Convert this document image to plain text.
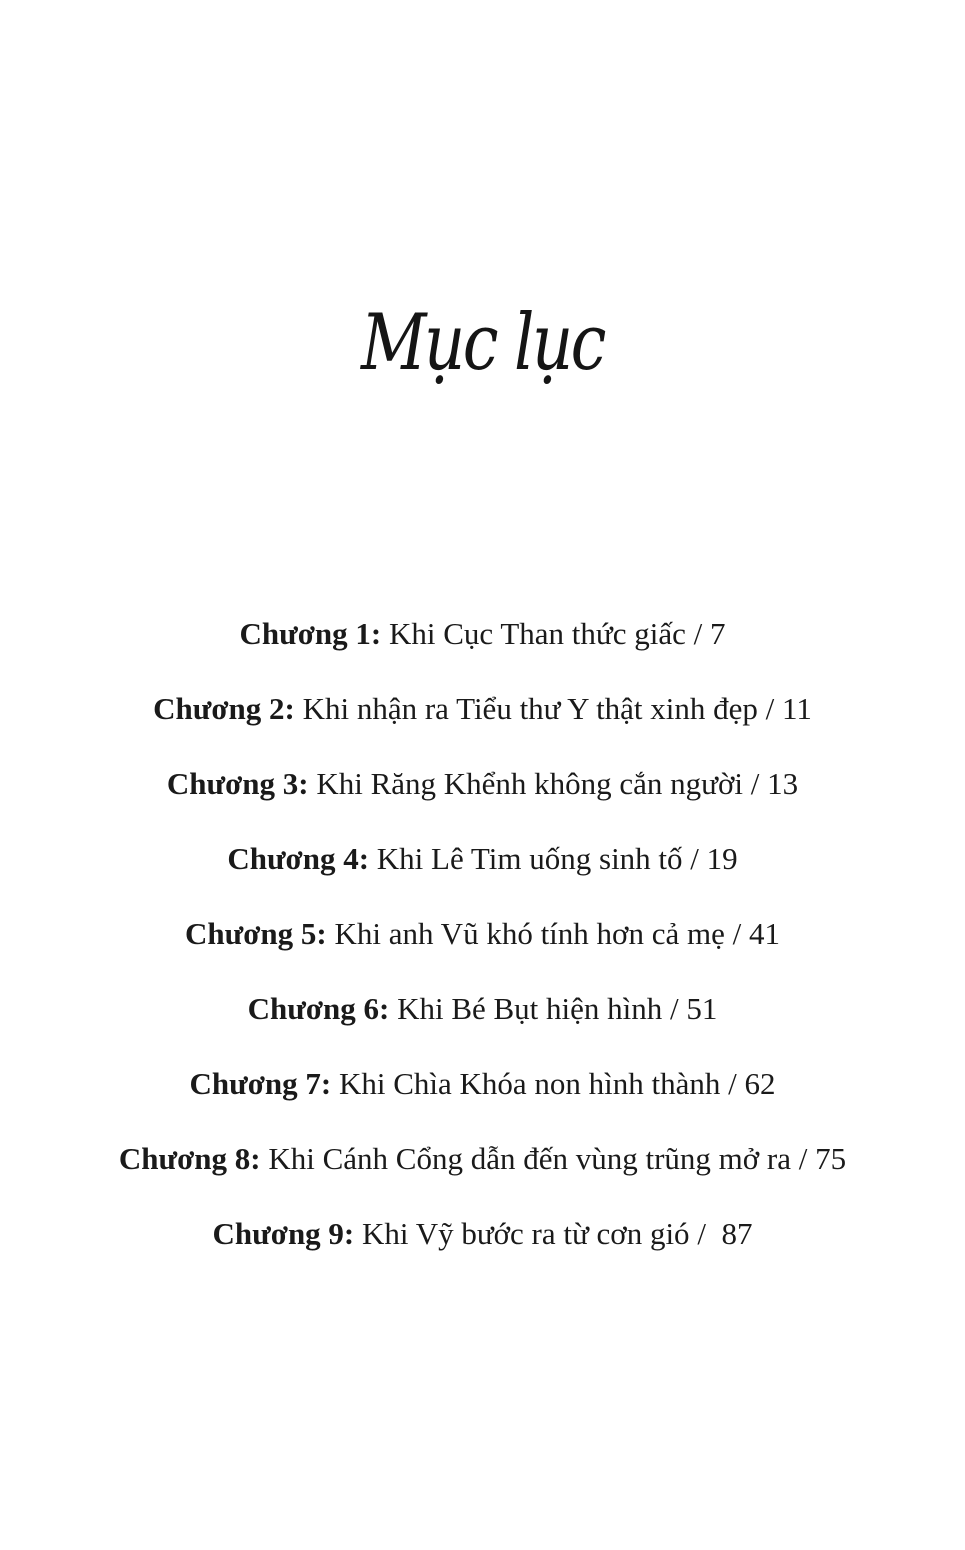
Mục lục
Chương 1: Khi Cục Than thức giấc / 7
Chương 2: Khi nhận ra Tiểu thư Y thật xinh đẹp / 11
Chương 3: Khi Răng Khểnh không cắn người / 13
Chương 4: Khi Lê Tim uống sinh tố / 19
Chương 5: Khi anh Vũ khó tính hơn cả mẹ / 41
Chương 6: Khi Bé Bụt hiện hình / 51
Chương 7: Khi Chìa Khóa non hình thành / 62
Chương 8: Khi Cánh Cổng dẫn đến vùng trũng mở ra / 75
Chương 9: Khi Vỹ bước ra từ cơn gió /  87
